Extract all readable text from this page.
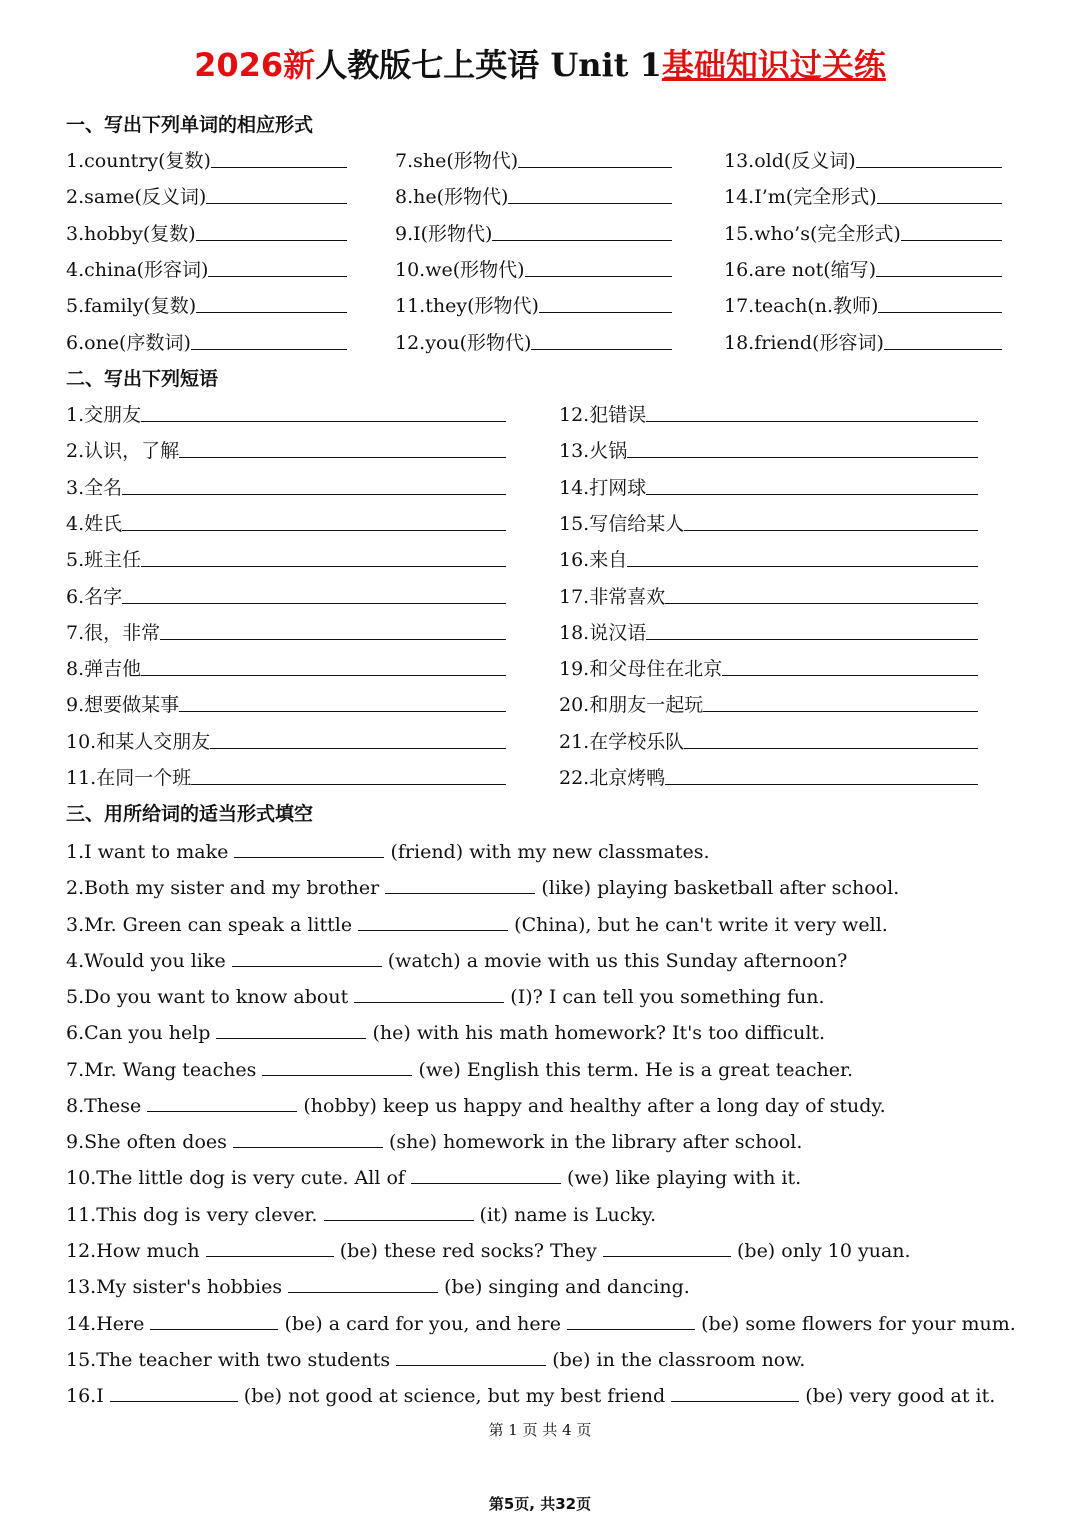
2026新人教版七上英语 Unit 1基础知识过关练
一、写出下列单词的相应形式
1.country(复数)	7.she(形物代)	13.old(反义词)
2.same(反义词)	8.he(形物代)	14.I’m(完全形式)
3.hobby(复数)	9.I(形物代)	15.who’s(完全形式)
4.china(形容词)	10.we(形物代)	16.are not(缩写)
5.family(复数)	11.they(形物代)	17.teach(n.教师)
6.one(序数词)	12.you(形物代)	18.friend(形容词)
二、写出下列短语
1.交朋友
2.认识，了解
3.全名
4.姓氏
5.班主任
6.名字
7.很，非常
8.弹吉他
9.想要做某事
10.和某人交朋友
11.在同一个班
12.犯错误
13.火锅
14.打网球
15.写信给某人
16.来自
17.非常喜欢
18.说汉语
19.和父母住在北京
20.和朋友一起玩
21.在学校乐队
22.北京烤鸭
三、用所给词的适当形式填空
1.I want to make	(friend) with my new classmates.
2.Both my sister and my brother	(like) playing basketball after school.
3.Mr. Green can speak a little	(China), but he can't write it very well.
4.Would you like	(watch) a movie with us this Sunday afternoon?
5.Do you want to know about	(I)? I can tell you something fun.
6.Can you help	(he) with his math homework? It's too difficult.
7.Mr. Wang teaches	(we) English this term. He is a great teacher.
8.These	(hobby) keep us happy and healthy after a long day of study.
9.She often does	(she) homework in the library after school.
10.The little dog is very cute. All of	(we) like playing with it.
11.This dog is very clever.	(it) name is Lucky.
12.How much	(be) these red socks? They	(be) only 10 yuan.
13.My sister's hobbies	(be) singing and dancing.
14.Here	(be) a card for you, and here	(be) some flowers for your mum.
15.The teacher with two students	(be) in the classroom now.
16.I	(be) not good at science, but my best friend	(be) very good at it.
第 1 页 共 4 页
第5页, 共32页
